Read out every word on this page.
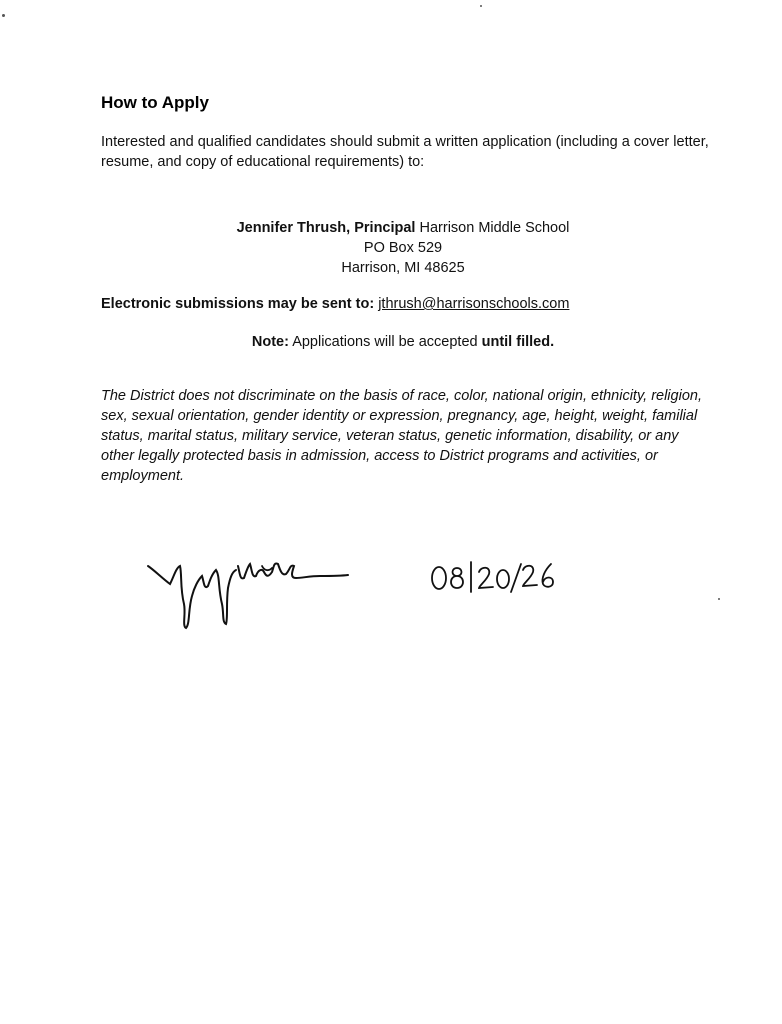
How to Apply
Interested and qualified candidates should submit a written application (including a cover letter, resume, and copy of educational requirements) to:
Jennifer Thrush, Principal Harrison Middle School
PO Box 529
Harrison, MI 48625
Electronic submissions may be sent to: jthrush@harrisonschools.com
Note: Applications will be accepted until filled.
The District does not discriminate on the basis of race, color, national origin, ethnicity, religion, sex, sexual orientation, gender identity or expression, pregnancy, age, height, weight, familial status, marital status, military service, veteran status, genetic information, disability, or any other legally protected basis in admission, access to District programs and activities, or employment.
